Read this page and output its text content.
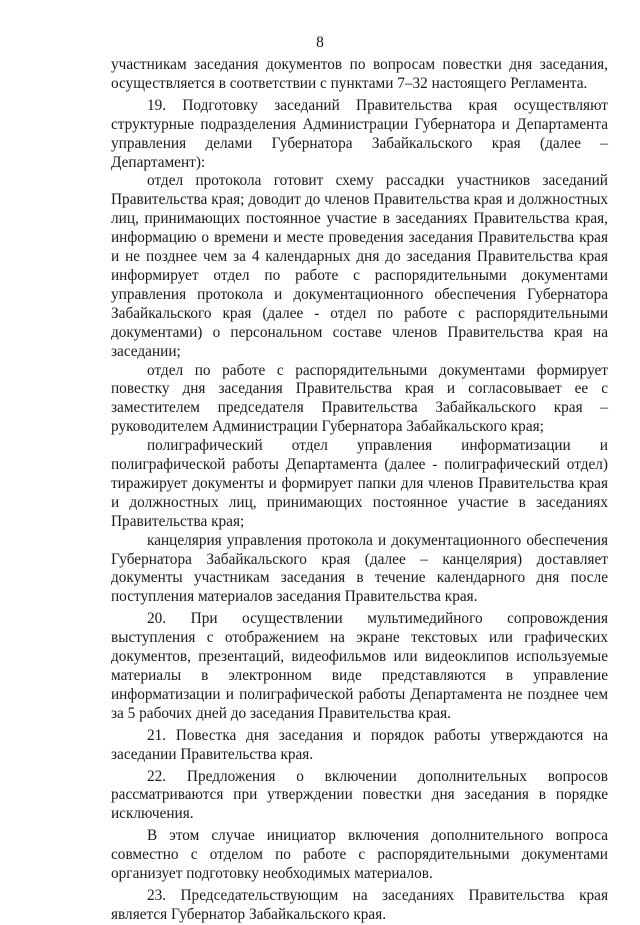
8

участникам заседания документов по вопросам повестки дня заседания, осуществляется в соответствии с пунктами 7–32 настоящего Регламента.

19. Подготовку заседаний Правительства края осуществляют структурные подразделения Администрации Губернатора и Департамента управления делами Губернатора Забайкальского края (далее – Департамент):

отдел протокола готовит схему рассадки участников заседаний Правительства края; доводит до членов Правительства края и должностных лиц, принимающих постоянное участие в заседаниях Правительства края, информацию о времени и месте проведения заседания Правительства края и не позднее чем за 4 календарных дня до заседания Правительства края информирует отдел по работе с распорядительными документами управления протокола и документационного обеспечения Губернатора Забайкальского края (далее - отдел по работе с распорядительными документами) о персональном составе членов Правительства края на заседании;

отдел по работе с распорядительными документами формирует повестку дня заседания Правительства края и согласовывает ее с заместителем председателя Правительства Забайкальского края – руководителем Администрации Губернатора Забайкальского края;

полиграфический отдел управления информатизации и полиграфической работы Департамента (далее - полиграфический отдел) тиражирует документы и формирует папки для членов Правительства края и должностных лиц, принимающих постоянное участие в заседаниях Правительства края;

канцелярия управления протокола и документационного обеспечения Губернатора Забайкальского края (далее – канцелярия) доставляет документы участникам заседания в течение календарного дня после поступления материалов заседания Правительства края.

20. При осуществлении мультимедийного сопровождения выступления с отображением на экране текстовых или графических документов, презентаций, видеофильмов или видеоклипов используемые материалы в электронном виде представляются в управление информатизации и полиграфической работы Департамента не позднее чем за 5 рабочих дней до заседания Правительства края.

21. Повестка дня заседания и порядок работы утверждаются на заседании Правительства края.

22. Предложения о включении дополнительных вопросов рассматриваются при утверждении повестки дня заседания в порядке исключения.

В этом случае инициатор включения дополнительного вопроса совместно с отделом по работе с распорядительными документами организует подготовку необходимых материалов.

23. Председательствующим на заседаниях Правительства края является Губернатор Забайкальского края.
